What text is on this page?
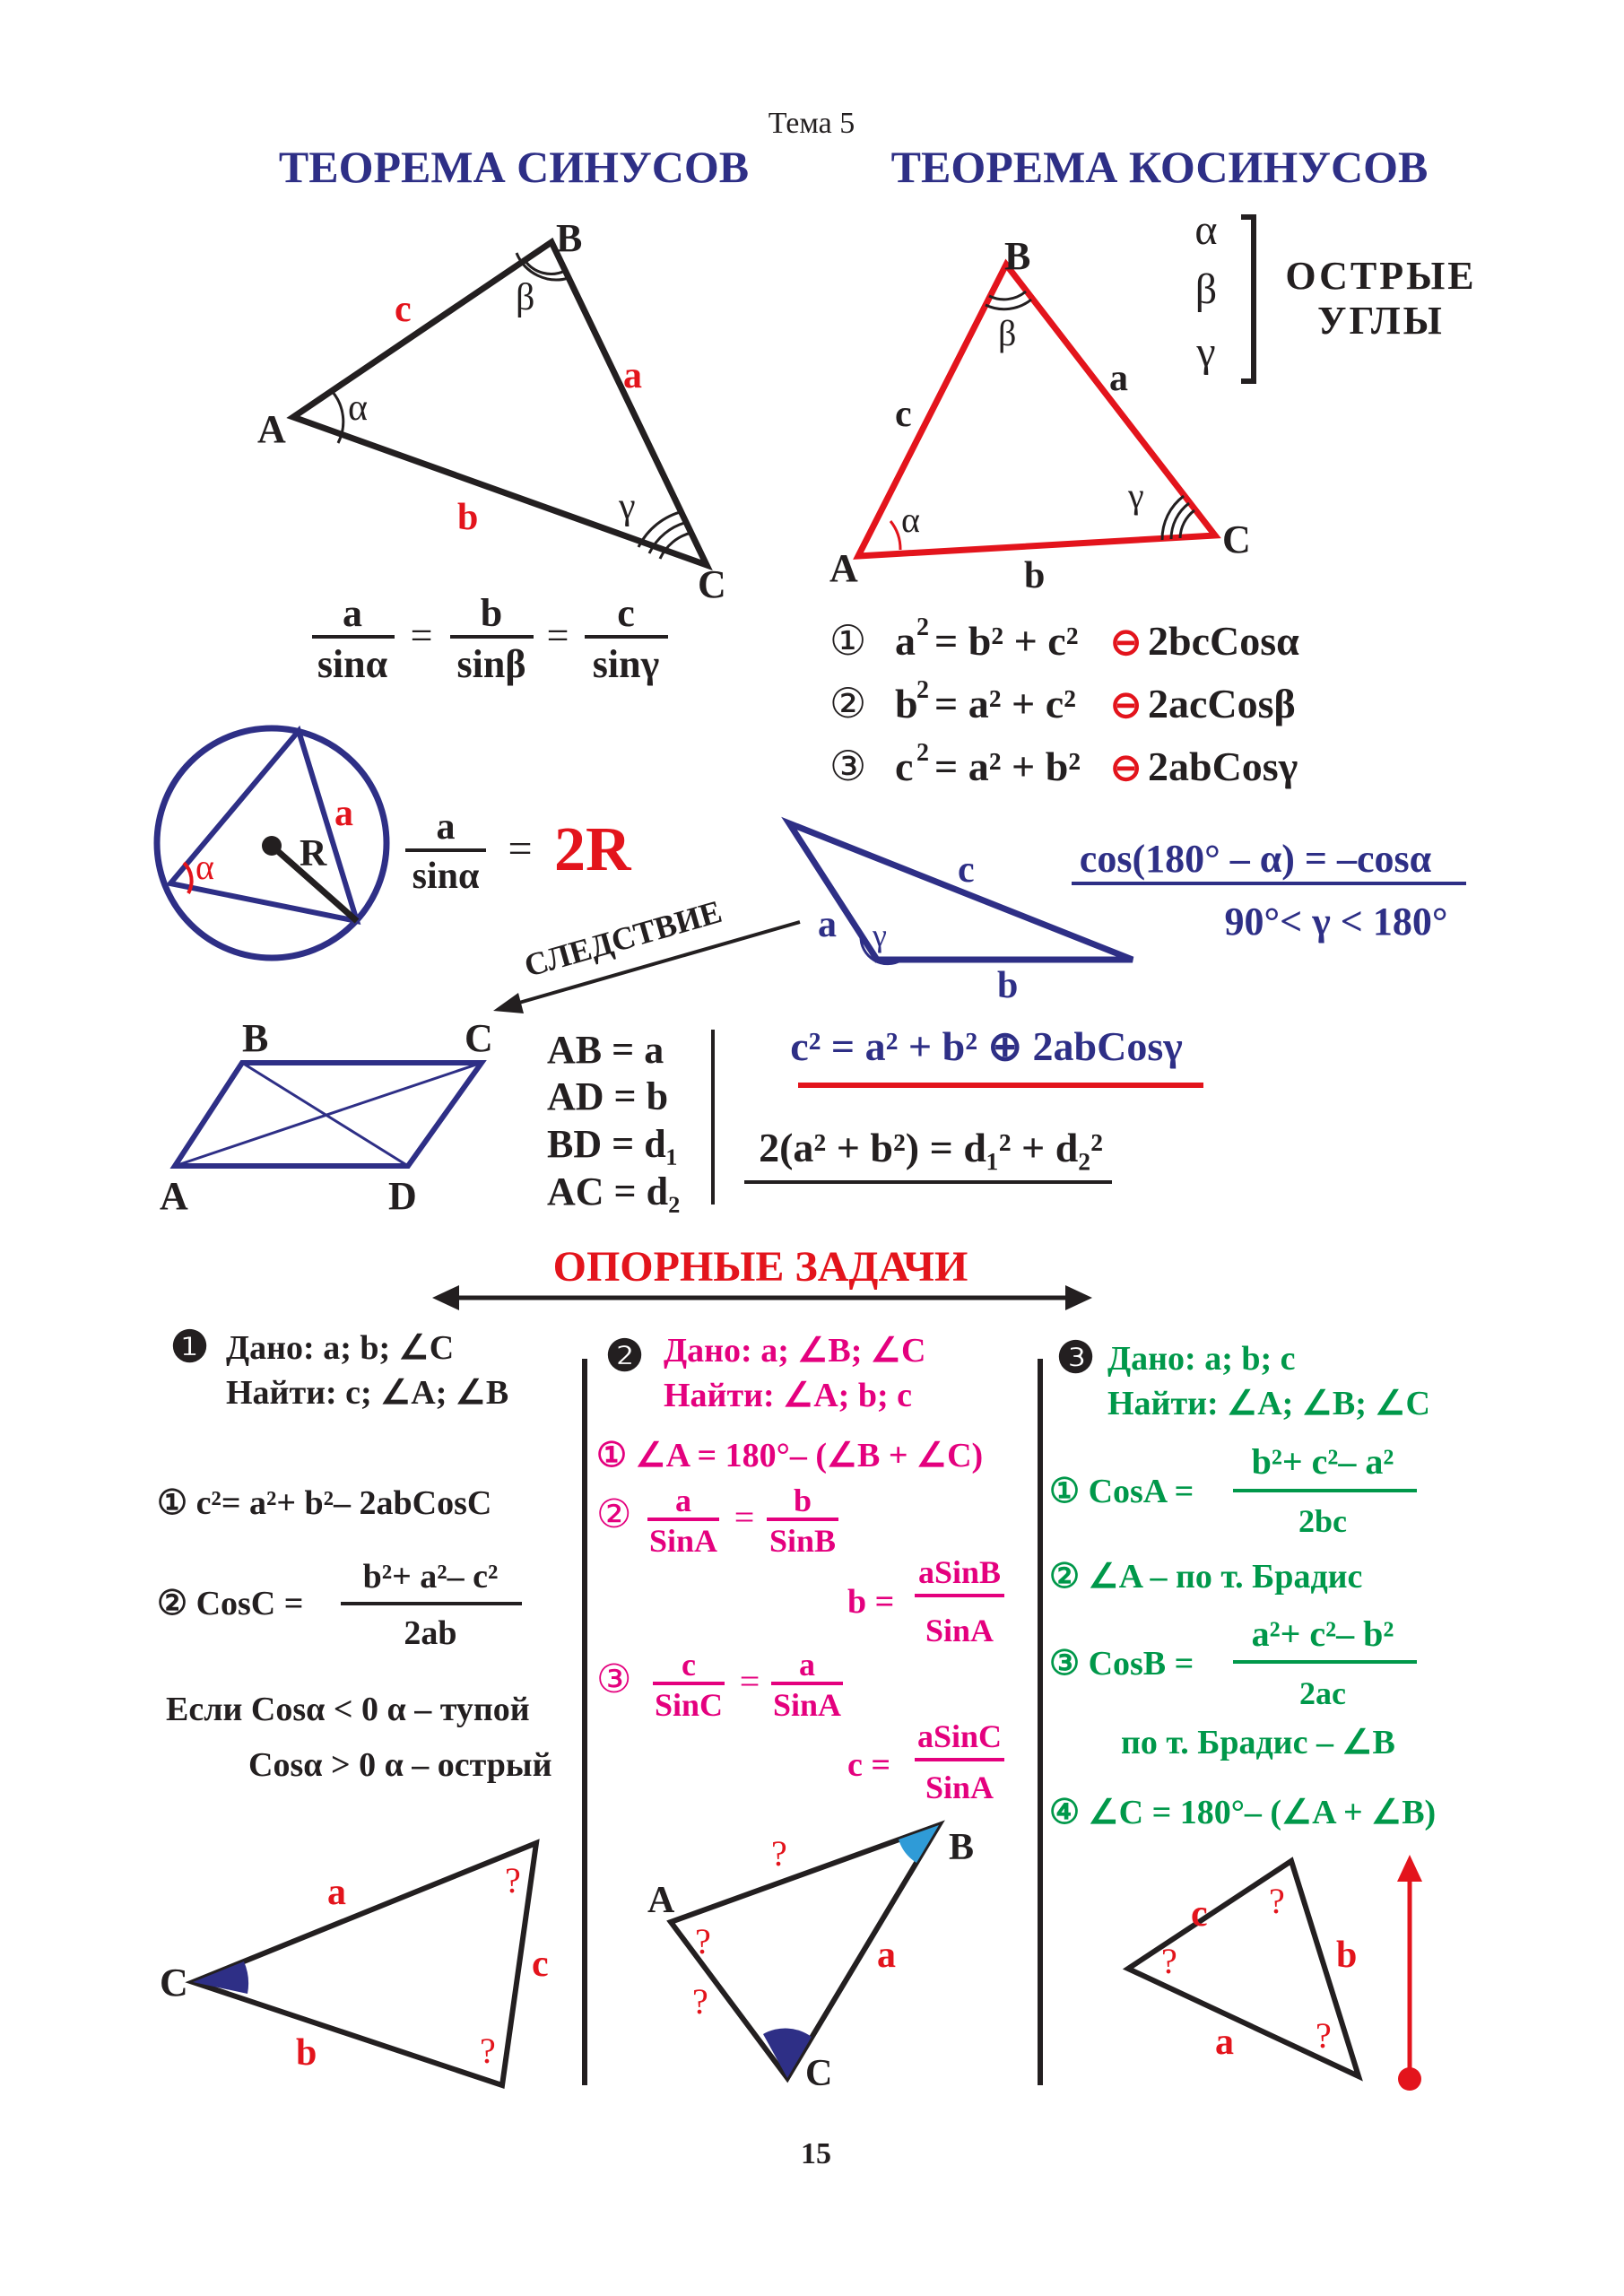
Тема 5
ТЕОРЕМА СИНУСОВ	ТЕОРЕМА КОСИНУСОВ
A
B
C
c
a
b
α
β
γ
a
sinα
=
b
sinβ
=
c
sinγ
α
a
R
a
sinα
= 2R
A
B
C
c
a
b
α
β
γ
α
β
γ
ОСТРЫЕ
УГЛЫ
① a 2 = b² + c² ⊖ 2bcCosα
② b
2 = a² + c² ⊖ 2acCosβ
③ c 2 = a² + b² ⊖ 2abCosγ
c
a γ
b
cos(180° – α) = –cosα
90°< γ < 180°
c² = a² + b² ⊕ 2abCosγ
СЛЕДСТВИЕ
B	C
A	D
AB = a
AD = b
BD = d₁
AC = d₂
2(a² + b²) = d₁² + d₂²
ОПОРНЫЕ ЗАДАЧИ
❶ Дано: a; b; ∠C
Найти: c; ∠A; ∠B
① c²= a²+ b²– 2abCosC
② CosC =
b²+ a²– c²
2ab
Если Cosα < 0 α – тупой
Cosα > 0 α – острый
C
a
b
c
?
?
❷ Дано: a; ∠B; ∠C
Найти: ∠A; b; c
① ∠A = 180°– (∠B + ∠C)
② a
SinA
= b
SinB
b =
aSinB
SinA
③ c
SinC
= a
SinA
c =
aSinC
SinA
A
B
C
a
?
?
?
❸ Дано: a; b; c
Найти: ∠A; ∠B; ∠C
① CosA =
b²+ c²– a²
2bc
② ∠A – по т. Брадис
③ CosB =
a²+ c²– b²
2ac
по т. Брадис – ∠B
④ ∠C = 180°– (∠A + ∠B)
c
b
a
?
?
?
15
